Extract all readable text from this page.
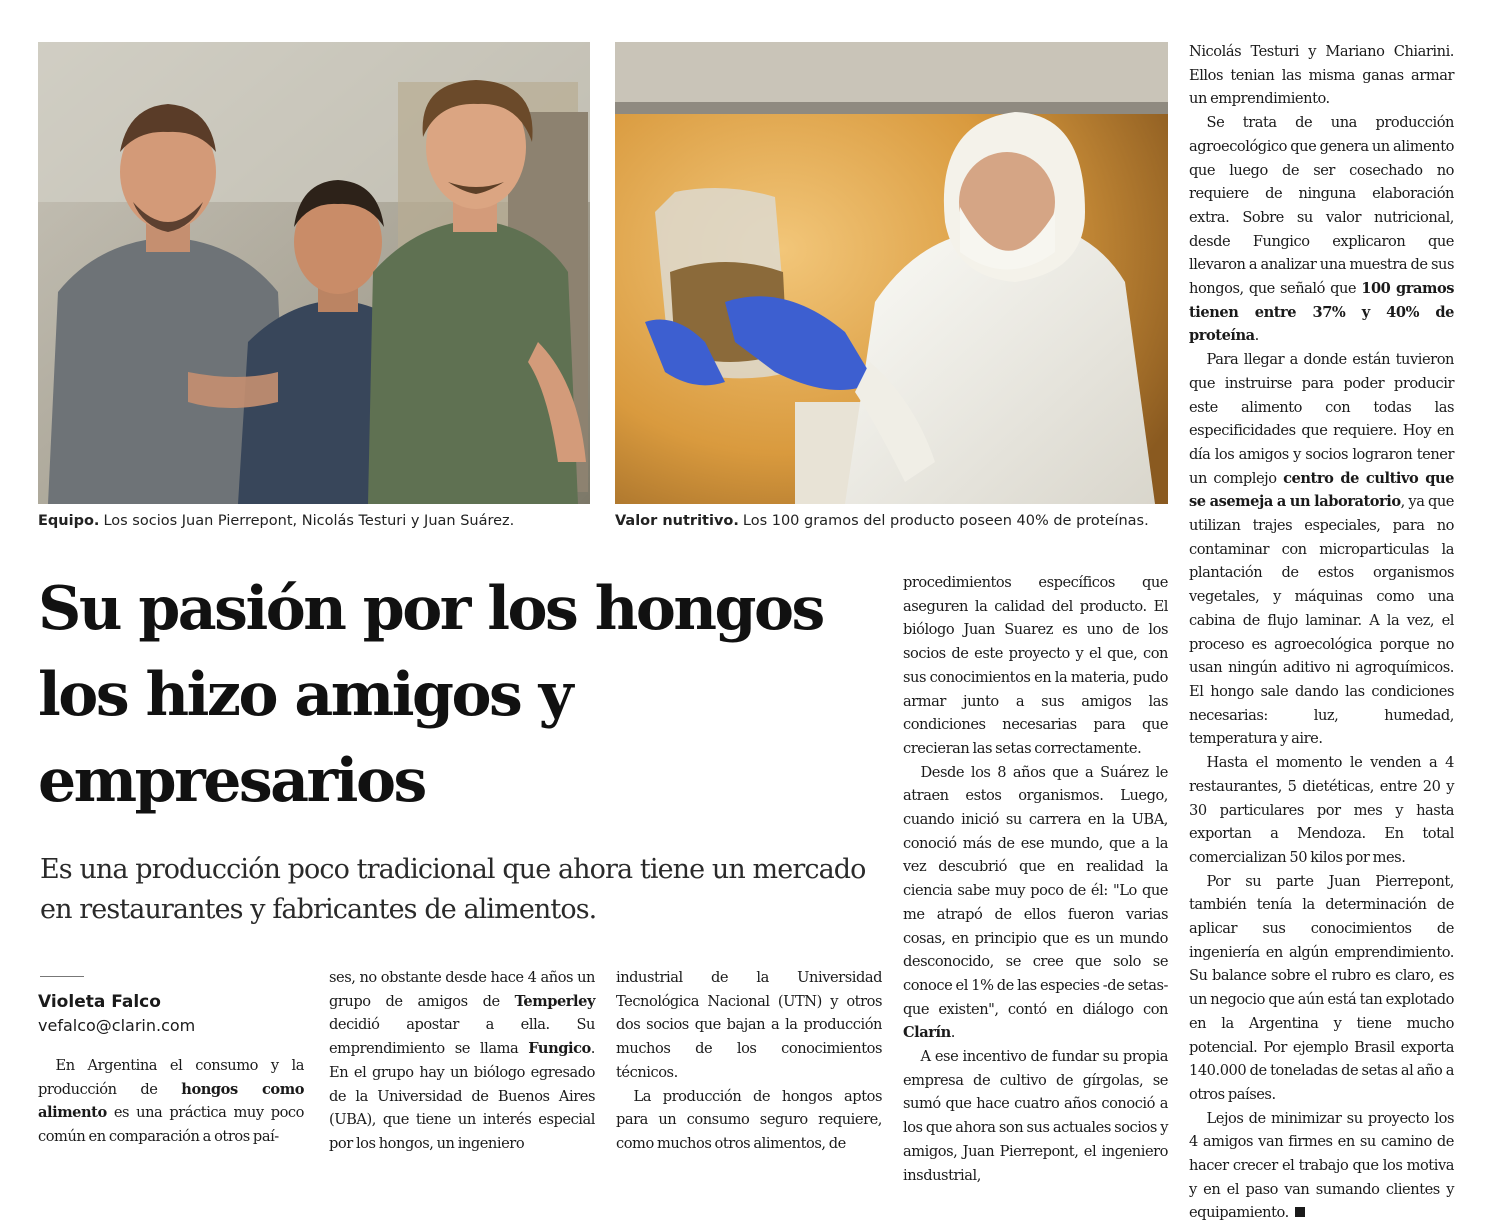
Equipo. Los socios Juan Pierrepont, Nicolás Testuri y Juan Suárez.	Valor nutritivo. Los 100 gramos del producto poseen 40% de proteínas.
Su pasión por los hongos los hizo amigos y empresarios

Es una producción poco tradicional que ahora tiene un mercado en restaurantes y fabricantes de alimentos.

Violeta Falco
vefalco@clarin.com

En Argentina el consumo y la producción de hongos como alimento es una práctica muy poco común en comparación a otros paí-

ses, no obstante desde hace 4 años un grupo de amigos de Temperley decidió apostar a ella. Su emprendimiento se llama Fungico. En el grupo hay un biólogo egresado de la Universidad de Buenos Aires (UBA), que tiene un interés especial por los hongos, un ingeniero

industrial de la Universidad Tecnológica Nacional (UTN) y otros dos socios que bajan a la producción muchos de los conocimientos técnicos.

La producción de hongos aptos para un consumo seguro requiere, como muchos otros alimentos, de

procedimientos específicos que aseguren la calidad del producto. El biólogo Juan Suarez es uno de los socios de este proyecto y el que, con sus conocimientos en la materia, pudo armar junto a sus amigos las condiciones necesarias para que crecieran las setas correctamente.

Desde los 8 años que a Suárez le atraen estos organismos. Luego, cuando inició su carrera en la UBA, conoció más de ese mundo, que a la vez descubrió que en realidad la ciencia sabe muy poco de él: "Lo que me atrapó de ellos fueron varias cosas, en principio que es un mundo desconocido, se cree que solo se conoce el 1% de las especies -de setas- que existen", contó en diálogo con Clarín.

A ese incentivo de fundar su propia empresa de cultivo de gírgolas, se sumó que hace cuatro años conoció a los que ahora son sus actuales socios y amigos, Juan Pierrepont, el ingeniero insdustrial,

Nicolás Testuri y Mariano Chiarini. Ellos tenian las misma ganas armar un emprendimiento.

Se trata de una producción agroecológico que genera un alimento que luego de ser cosechado no requiere de ninguna elaboración extra. Sobre su valor nutricional, desde Fungico explicaron que llevaron a analizar una muestra de sus hongos, que señaló que 100 gramos tienen entre 37% y 40% de proteína.

Para llegar a donde están tuvieron que instruirse para poder producir este alimento con todas las especificidades que requiere. Hoy en día los amigos y socios lograron tener un complejo centro de cultivo que se asemeja a un laboratorio, ya que utilizan trajes especiales, para no contaminar con microparticulas la plantación de estos organismos vegetales, y máquinas como una cabina de flujo laminar. A la vez, el proceso es agroecológica porque no usan ningún aditivo ni agroquímicos. El hongo sale dando las condiciones necesarias: luz, humedad, temperatura y aire.

Hasta el momento le venden a 4 restaurantes, 5 dietéticas, entre 20 y 30 particulares por mes y hasta exportan a Mendoza. En total comercializan 50 kilos por mes.

Por su parte Juan Pierrepont, también tenía la determinación de aplicar sus conocimientos de ingeniería en algún emprendimiento. Su balance sobre el rubro es claro, es un negocio que aún está tan explotado en la Argentina y tiene mucho potencial. Por ejemplo Brasil exporta 140.000 de toneladas de setas al año a otros países.

Lejos de minimizar su proyecto los 4 amigos van firmes en su camino de hacer crecer el trabajo que los motiva y en el paso van sumando clientes y equipamiento.
